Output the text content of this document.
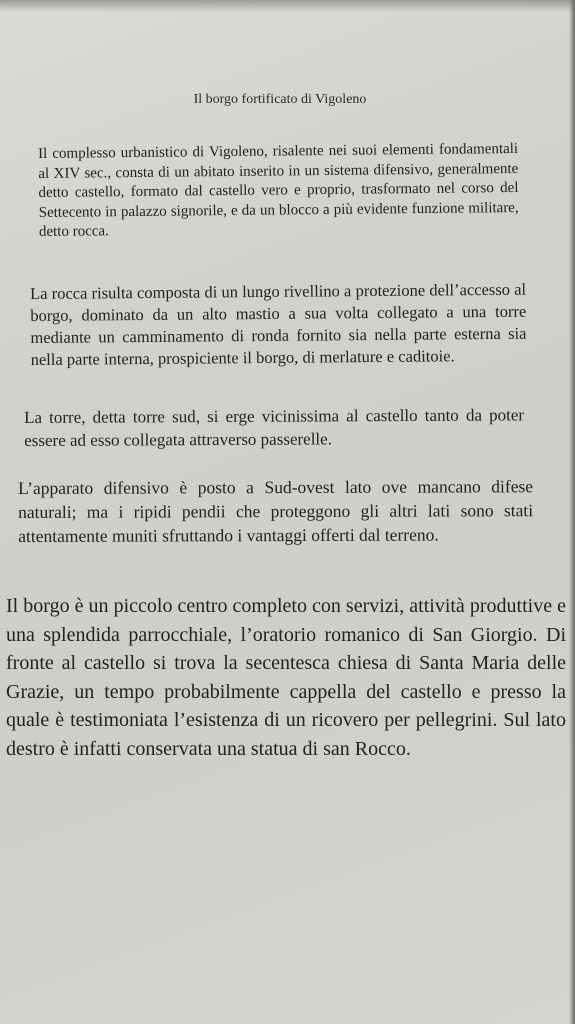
Il borgo fortificato di Vigoleno

Il complesso urbanistico di Vigoleno, risalente nei suoi elementi fondamentali al XIV sec., consta di un abitato inserito in un sistema difensivo, generalmente detto castello, formato dal castello vero e proprio, trasformato nel corso del Settecento in palazzo signorile, e da un blocco a più evidente funzione militare, detto rocca.

La rocca risulta composta di un lungo rivellino a protezione dell’accesso al borgo, dominato da un alto mastio a sua volta collegato a una torre mediante un camminamento di ronda fornito sia nella parte esterna sia nella parte interna, prospiciente il borgo, di merlature e caditoie.

La torre, detta torre sud, si erge vicinissima al castello tanto da poter essere ad esso collegata attraverso passerelle.

L’apparato difensivo è posto a Sud-ovest lato ove mancano difese naturali; ma i ripidi pendii che proteggono gli altri lati sono stati attentamente muniti sfruttando i vantaggi offerti dal terreno.

Il borgo è un piccolo centro completo con servizi, attività produttive e una splendida parrocchiale, l’oratorio romanico di San Giorgio. Di fronte al castello si trova la secentesca chiesa di Santa Maria delle Grazie, un tempo probabilmente cappella del castello e presso la quale è testimoniata l’esistenza di un ricovero per pellegrini. Sul lato destro è infatti conservata una statua di san Rocco.
